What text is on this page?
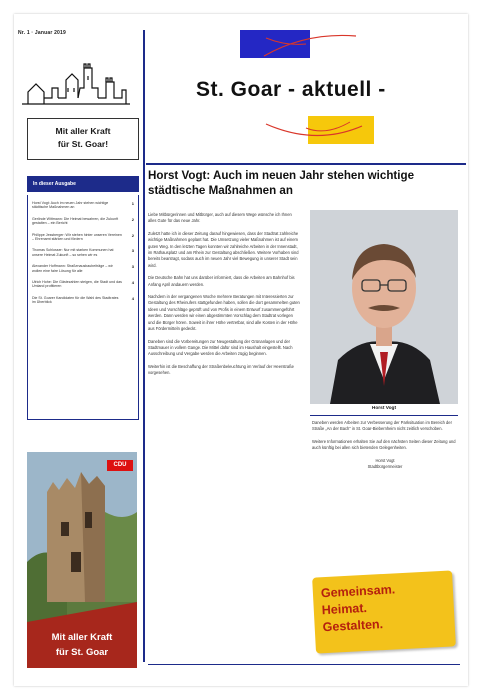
Nr. 1 · Januar 2019
Mit aller Kraft
für St. Goar!
In dieser Ausgabe
Horst Vogt: Auch im neuen Jahr stehen wichtige städtische Maßnahmen an
1
Gerlinde Wittmann: Die Heimat bewahren, die Zukunft gestalten – ein Bericht
2
Philippe Jessberger: Wir stehen hinter unseren Vereinen – Ehrenamt stärken und fördern
2
Thomas Schlosser: Nur mit starken Kommunen hat unsere Heimat Zukunft – so sehen wir es
3
Alexander Hoffmann: Straßenausbaubeiträge – wir wollen eine faire Lösung für alle
3
Ulrich Hohe: Die Gästezahlen steigen, die Stadt und das Umland profitieren
4
Die St. Goarer Kandidaten für die Wahl des Stadtrates im Überblick
4
CDU
Mit aller Kraft
für St. Goar
St. Goar - aktuell -
Horst Vogt: Auch im neuen Jahr stehen wichtige städtische Maßnahmen an

Liebe Mitbürgerinnen und Mitbürger, auch auf diesem Wege wünsche ich Ihnen alles Gute für das neue Jahr.

Zuletzt hatte ich in dieser Zeitung darauf hingewiesen, dass der Stadtrat zahlreiche wichtige Maßnahmen geplant hat. Die Umsetzung vieler Maßnahmen ist auf einem guten Weg. In den letzten Tagen konnten wir zahlreiche Arbeiten in der Innenstadt, im Rathausplatz und am Rhein zur Gestaltung abschließen. Weitere Vorhaben sind bereits beantragt, sodass auch im neuen Jahr viel Bewegung in unserer Stadt sein wird.

Die Deutsche Bahn hat uns darüber informiert, dass die Arbeiten am Bahnhof bis Anfang April andauern werden.

Nachdem in der vergangenen Woche mehrere Beratungen mit Interessierten zur Gestaltung des Rheinufers stattgefunden haben, sollen die dort gesammelten guten Ideen und Vorschläge geprüft und von Profis in einem Entwurf zusammengeführt werden. Dann werden wir einen abgestimmten Vorschlag dem Stadtrat vorlegen und die Bürger hören. Soweit in ihrer Höhe vertretbar, sind alle Kosten in der Höhe aus Fördermitteln gedeckt.

Daneben sind die Vorbereitungen zur Neugestaltung der Grünanlagen und der Stadtmauer in vollem Gange. Die Mittel dafür sind im Haushalt eingestellt. Nach Ausschreibung und Vergabe werden die Arbeiten zügig beginnen.

Weiterhin ist die Beschaffung der Straßenbeleuchtung im Verlauf der Heerstraße vorgesehen.

Horst Vogt

Daneben werden Arbeiten zur Verbesserung der Parksituation im Bereich der Straße „An der Bach“ in St. Goar-Biebernheim nicht zeitlich verschoben.

Weitere Informationen erhalten Sie auf den nächsten Seiten dieser Zeitung und auch künftig bei allen sich bietenden Gelegenheiten.

Horst Vogt
Stadtbürgermeister
Gemeinsam.
Heimat.
Gestalten.
